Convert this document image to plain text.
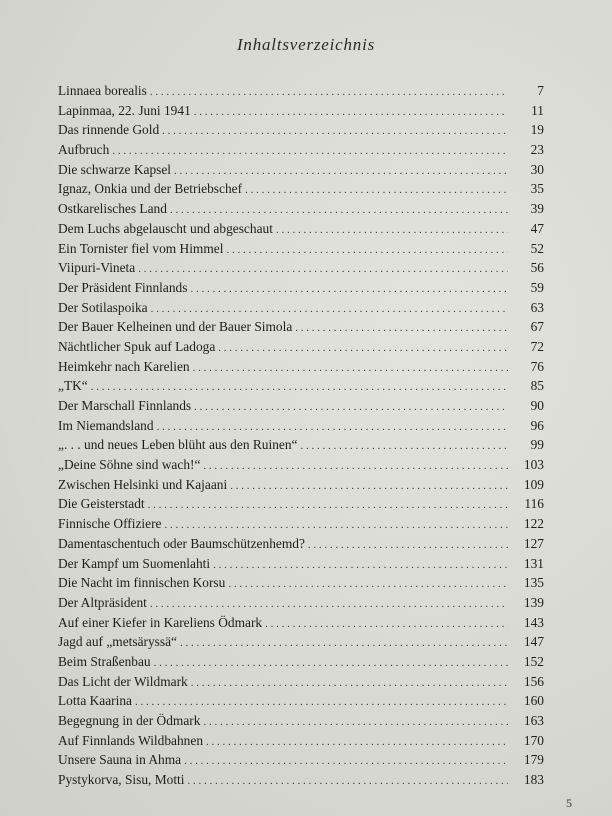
Inhaltsverzeichnis
Linnaea borealis . . .	7
Lapinmaa, 22. Juni 1941 . . .	11
Das rinnende Gold . . .	19
Aufbruch . . .	23
Die schwarze Kapsel . . .	30
Ignaz, Onkia und der Betriebschef . . .	35
Ostkarelisches Land . . .	39
Dem Luchs abgelauscht und abgeschaut . . .	47
Ein Tornister fiel vom Himmel . . .	52
Viipuri-Vineta . . .	56
Der Präsident Finnlands . . .	59
Der Sotilaspoika . . .	63
Der Bauer Kelheinen und der Bauer Simola . . .	67
Nächtlicher Spuk auf Ladoga . . .	72
Heimkehr nach Karelien . . .	76
„TK“ . . .	85
Der Marschall Finnlands . . .	90
Im Niemandsland . . .	96
„. . . und neues Leben blüht aus den Ruinen“ . . .	99
„Deine Söhne sind wach!“ . . .	103
Zwischen Helsinki und Kajaani . . .	109
Die Geisterstadt . . .	116
Finnische Offiziere . . .	122
Damentaschentuch oder Baumschützenhemd? . . .	127
Der Kampf um Suomenlahti . . .	131
Die Nacht im finnischen Korsu . . .	135
Der Altpräsident . . .	139
Auf einer Kiefer in Kareliens Ödmark . . .	143
Jagd auf „metsäryssä“ . . .	147
Beim Straßenbau . . .	152
Das Licht der Wildmark . . .	156
Lotta Kaarina . . .	160
Begegnung in der Ödmark . . .	163
Auf Finnlands Wildbahnen . . .	170
Unsere Sauna in Ahma . . .	179
Pystykorva, Sisu, Motti . . .	183
5
